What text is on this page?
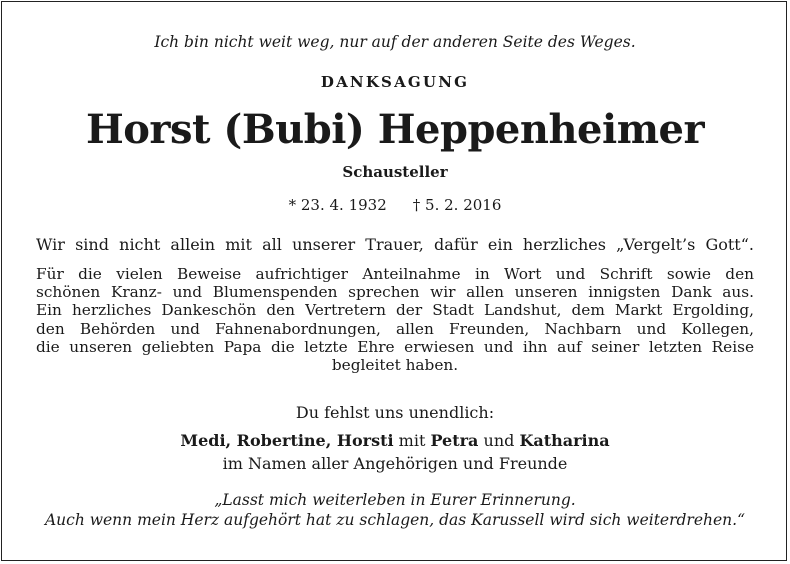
Ich bin nicht weit weg, nur auf der anderen Seite des Weges.
DANKSAGUNG
Horst (Bubi) Heppenheimer
Schausteller
* 23. 4. 1932 † 5. 2. 2016
Wir sind nicht allein mit all unserer Trauer, dafür ein herzliches „Vergelt’s Gott“.
Für die vielen Beweise aufrichtiger Anteilnahme in Wort und Schrift sowie den
schönen Kranz- und Blumenspenden sprechen wir allen unseren innigsten Dank aus.
Ein herzliches Dankeschön den Vertretern der Stadt Landshut, dem Markt Ergolding,
den Behörden und Fahnenabordnungen, allen Freunden, Nachbarn und Kollegen,
die unseren geliebten Papa die letzte Ehre erwiesen und ihn auf seiner letzten Reise
begleitet haben.
Du fehlst uns unendlich:
Medi, Robertine, Horsti mit Petra und Katharina
im Namen aller Angehörigen und Freunde
„Lasst mich weiterleben in Eurer Erinnerung.
Auch wenn mein Herz aufgehört hat zu schlagen, das Karussell wird sich weiterdrehen.“
